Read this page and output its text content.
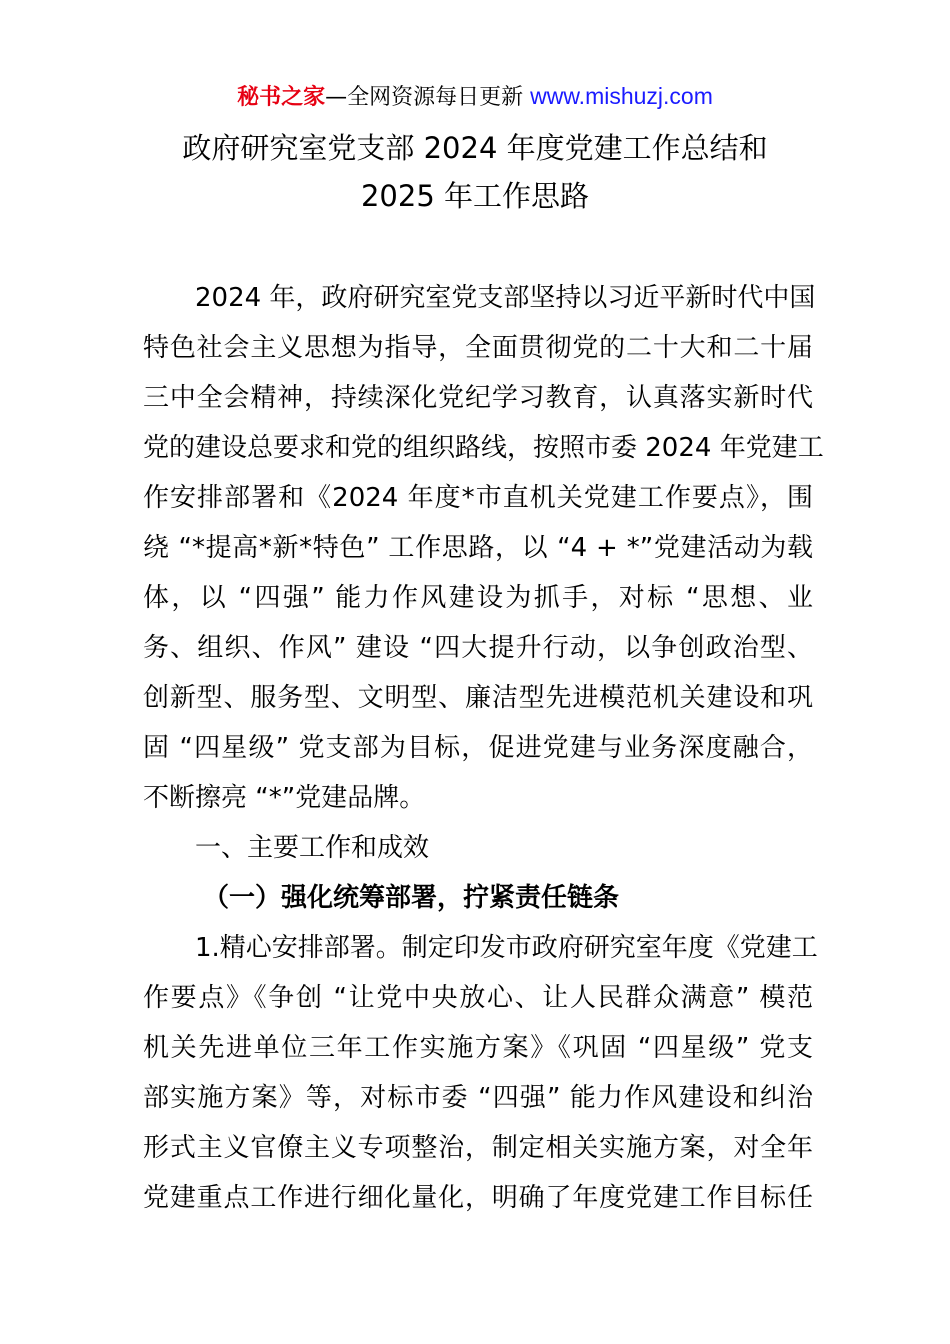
秘书之家—全网资源每日更新 www.mishuzj.com
政府研究室党支部 2024 年度党建工作总结和
2025 年工作思路
2024 年，政府研究室党支部坚持以习近平新时代中国
特色社会主义思想为指导，全面贯彻党的二十大和二十届
三中全会精神，持续深化党纪学习教育，认真落实新时代
党的建设总要求和党的组织路线，按照市委 2024 年党建工
作安排部署和《2024 年度*市直机关党建工作要点》，围
绕 “*提高*新*特色” 工作思路，以 “4 + *”党建活动为载
体，以 “四强” 能力作风建设为抓手，对标 “思想、业
务、组织、作风” 建设 “四大提升行动，以争创政治型、
创新型、服务型、文明型、廉洁型先进模范机关建设和巩
固 “四星级” 党支部为目标，促进党建与业务深度融合，
不断擦亮 “*”党建品牌。
一、主要工作和成效
（一）强化统筹部署，拧紧责任链条
1.精心安排部署。制定印发市政府研究室年度《党建工
作要点》《争创 “让党中央放心、让人民群众满意” 模范
机关先进单位三年工作实施方案》《巩固 “四星级” 党支
部实施方案》等，对标市委 “四强” 能力作风建设和纠治
形式主义官僚主义专项整治，制定相关实施方案，对全年
党建重点工作进行细化量化，明确了年度党建工作目标任
